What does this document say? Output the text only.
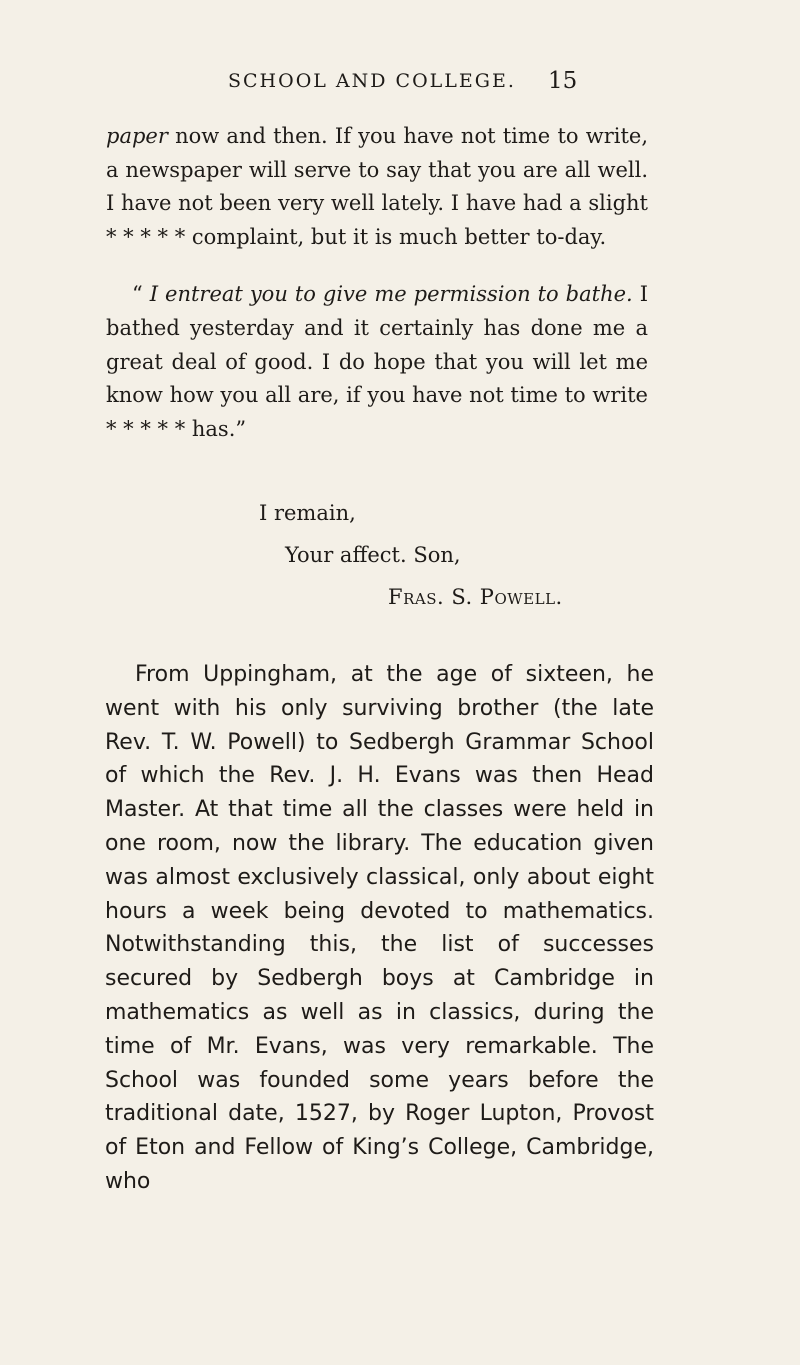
SCHOOL AND COLLEGE. 15

paper now and then. If you have not time to write, a newspaper will serve to say that you are all well. I have not been very well lately. I have had a slight * * * * * complaint, but it is much better to-day.

“ I entreat you to give me permission to bathe. I bathed yesterday and it certainly has done me a great deal of good. I do hope that you will let me know how you all are, if you have not time to write * * * * * has.”

I remain,
Your affect. Son,
Fras. S. Powell.

From Uppingham, at the age of sixteen, he went with his only surviving brother (the late Rev. T. W. Powell) to Sedbergh Grammar School of which the Rev. J. H. Evans was then Head Master. At that time all the classes were held in one room, now the library. The education given was almost exclusively classical, only about eight hours a week being devoted to mathematics. Notwithstanding this, the list of successes secured by Sedbergh boys at Cambridge in mathematics as well as in classics, during the time of Mr. Evans, was very remarkable. The School was founded some years before the traditional date, 1527, by Roger Lupton, Provost of Eton and Fellow of King’s College, Cambridge, who
